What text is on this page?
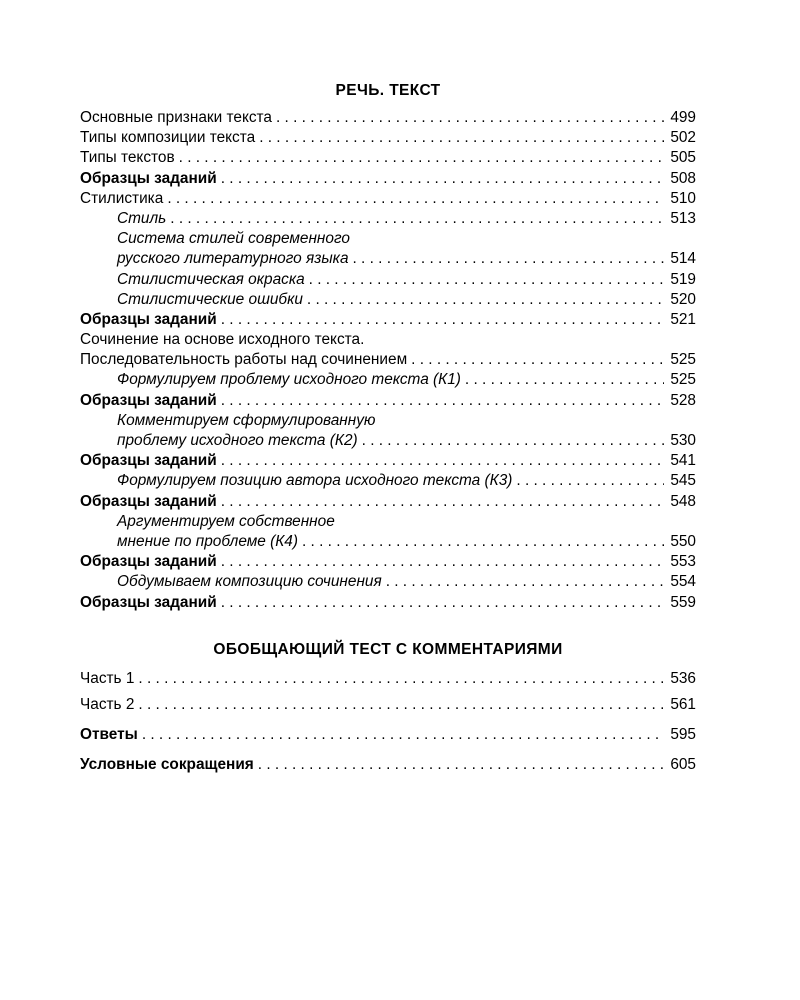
РЕЧЬ. ТЕКСТ
Основные признаки текста . . .	499
Типы композиции текста . . .	502
Типы текстов . . .	505
Образцы заданий . . .	508
Стилистика . . .	510
Стиль . . .	513
Система стилей современного
русского литературного языка . . .	514
Стилистическая окраска . . .	519
Стилистические ошибки . . .	520
Образцы заданий . . .	521
Сочинение на основе исходного текста.
Последовательность работы над сочинением . . .	525
Формулируем проблему исходного текста (К1) . . .	525
Образцы заданий . . .	528
Комментируем сформулированную
проблему исходного текста (К2) . . .	530
Образцы заданий . . .	541
Формулируем позицию автора исходного текста (К3) . . .	545
Образцы заданий . . .	548
Аргументируем собственное
мнение по проблеме (К4) . . .	550
Образцы заданий . . .	553
Обдумываем композицию сочинения . . .	554
Образцы заданий . . .	559
ОБОБЩАЮЩИЙ ТЕСТ С КОММЕНТАРИЯМИ
Часть 1 . . .	536
Часть 2 . . .	561
Ответы . . .	595
Условные сокращения . . .	605
